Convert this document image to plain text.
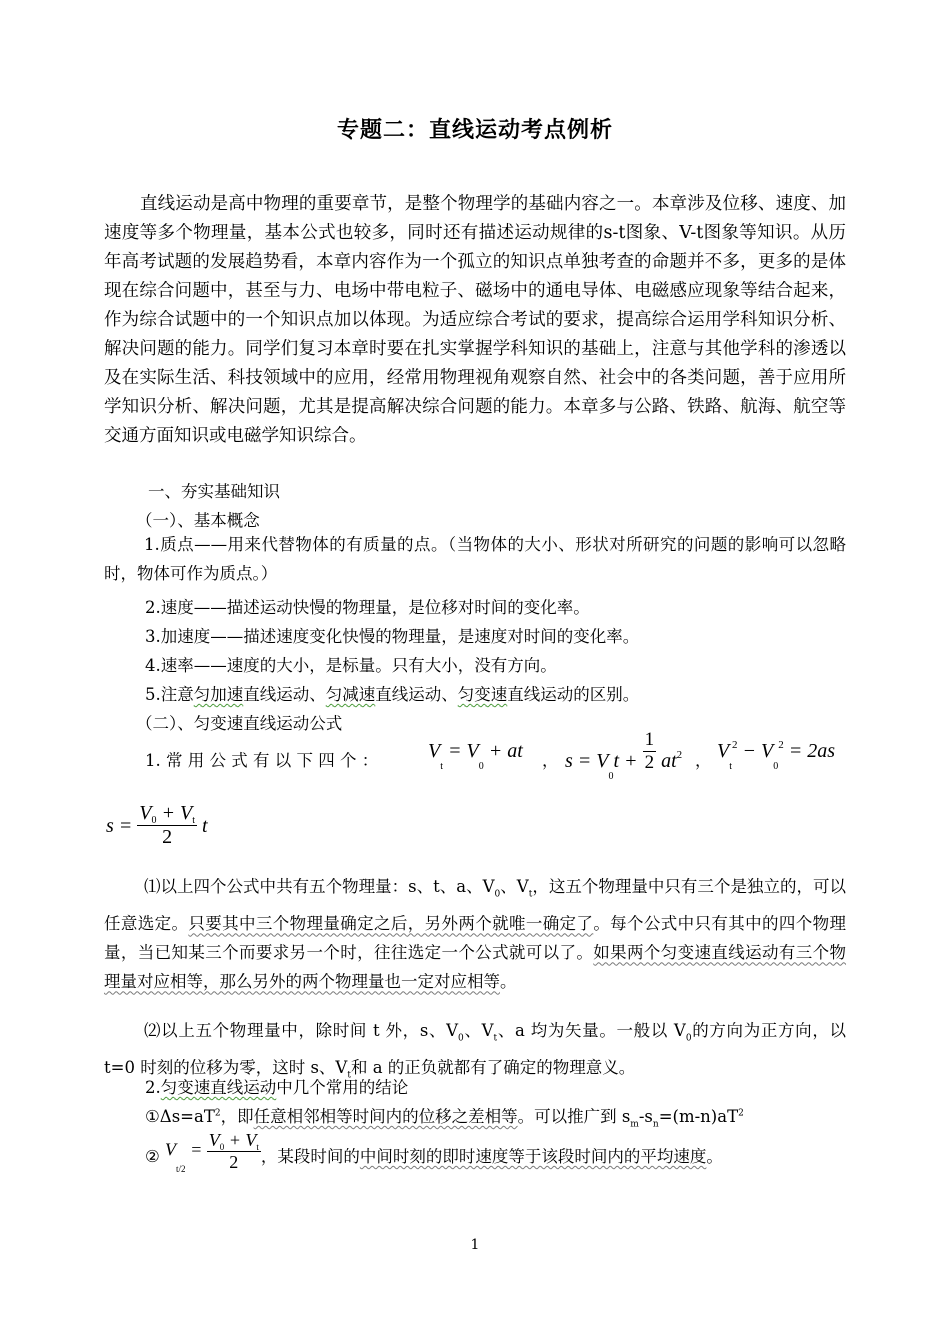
专题二：直线运动考点例析
直线运动是高中物理的重要章节，是整个物理学的基础内容之一。本章涉及位移、速度、加速度等多个物理量，基本公式也较多，同时还有描述运动规律的s-t图象、V-t图象等知识。从历年高考试题的发展趋势看，本章内容作为一个孤立的知识点单独考查的命题并不多，更多的是体现在综合问题中，甚至与力、电场中带电粒子、磁场中的通电导体、电磁感应现象等结合起来，作为综合试题中的一个知识点加以体现。为适应综合考试的要求，提高综合运用学科知识分析、解决问题的能力。同学们复习本章时要在扎实掌握学科知识的基础上，注意与其他学科的渗透以及在实际生活、科技领域中的应用，经常用物理视角观察自然、社会中的各类问题，善于应用所学知识分析、解决问题，尤其是提高解决综合问题的能力。本章多与公路、铁路、航海、航空等交通方面知识或电磁学知识综合。
一、夯实基础知识
（一）、基本概念
1.质点——用来代替物体的有质量的点。（当物体的大小、形状对所研究的问题的影响可以忽略时，物体可作为质点。）
2.速度——描述运动快慢的物理量，是位移对时间的变化率。
3.加速度——描述速度变化快慢的物理量，是速度对时间的变化率。
4.速率——速度的大小，是标量。只有大小，没有方向。
5.注意匀加速直线运动、匀减速直线运动、匀变速直线运动的区别。
（二）、匀变速直线运动公式
1. 常 用 公 式 有 以 下 四 个 ： $V_t = V_0$ + at ， $s = V_0t + \frac{1}{2} at^2$ ， $V_t^2 - V_0^2 = 2as$
$s = \frac{V_0 + V_t}{2}$ t
⑴以上四个公式中共有五个物理量：s、t、a、$V_0$、$V_t$，这五个物理量中只有三个是独立的，可以任意选定。只要其中三个物理量确定之后，另外两个就唯一确定了。每个公式中只有其中的四个物理量，当已知某三个而要求另一个时，往往选定一个公式就可以了。如果两个匀变速直线运动有三个物理量对应相等，那么另外的两个物理量也一定对应相等。
⑵以上五个物理量中，除时间 t 外，s、$V_0$、$V_t$、a 均为矢量。一般以 $V_0$的方向为正方向，以 t=0 时刻的位移为零，这时 s、$V_t$和 a 的正负就都有了确定的物理意义。
2.匀变速直线运动中几个常用的结论
$①\Delta s=aT^2$，即任意相邻相等时间内的位移之差相等。可以推广到 $s_m-s_n=(m-n)aT^2$
② $V_{t/2} = \frac{V_0 + V_t}{2}$ ，某段时间的中间时刻的即时速度等于该段时间内的平均速度。
1
